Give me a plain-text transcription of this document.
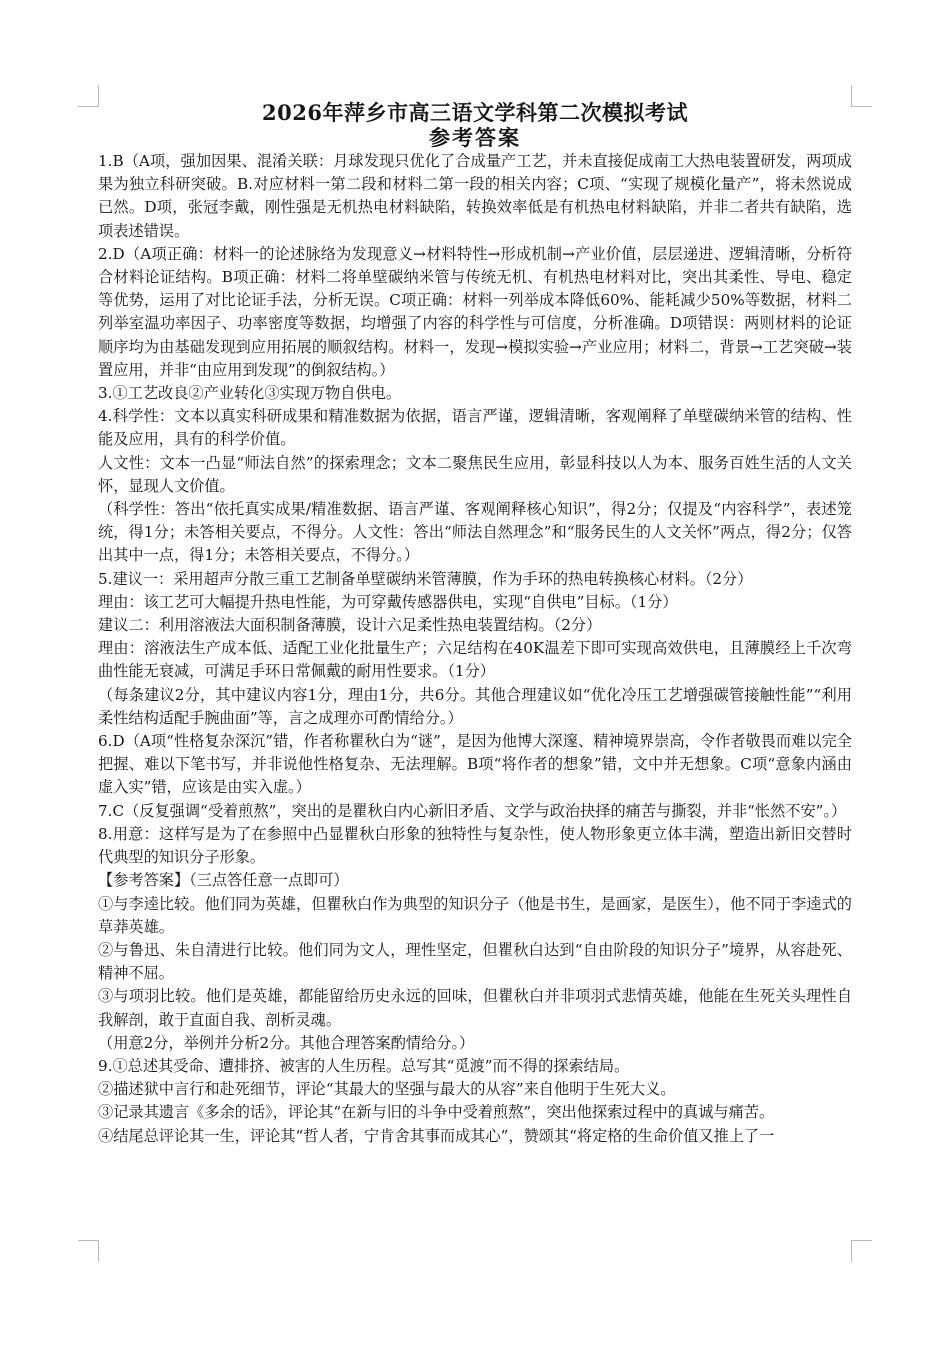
2026年萍乡市高三语文学科第二次模拟考试
参考答案

1.B（A项，强加因果、混淆关联：月球发现只优化了合成量产工艺，并未直接促成南工大热电装置研发，两项成果为独立科研突破。B.对应材料一第二段和材料二第一段的相关内容；C项、“实现了规模化量产”，将未然说成已然。D项，张冠李戴，刚性强是无机热电材料缺陷，转换效率低是有机热电材料缺陷，并非二者共有缺陷，选项表述错误。

2.D（A项正确：材料一的论述脉络为发现意义→材料特性→形成机制→产业价值，层层递进、逻辑清晰，分析符合材料论证结构。B项正确：材料二将单壁碳纳米管与传统无机、有机热电材料对比，突出其柔性、导电、稳定等优势，运用了对比论证手法，分析无误。C项正确：材料一列举成本降低60%、能耗减少50%等数据，材料二列举室温功率因子、功率密度等数据，均增强了内容的科学性与可信度，分析准确。D项错误：两则材料的论证顺序均为由基础发现到应用拓展的顺叙结构。材料一，发现→模拟实验→产业应用；材料二，背景→工艺突破→装置应用，并非“由应用到发现”的倒叙结构。）

3.①工艺改良②产业转化③实现万物自供电。

4.科学性：文本以真实科研成果和精准数据为依据，语言严谨，逻辑清晰，客观阐释了单壁碳纳米管的结构、性能及应用，具有的科学价值。

人文性：文本一凸显“师法自然”的探索理念；文本二聚焦民生应用，彰显科技以人为本、服务百姓生活的人文关怀，显现人文价值。

（科学性：答出“依托真实成果/精准数据、语言严谨、客观阐释核心知识”，得2分；仅提及“内容科学”，表述笼统，得1分；未答相关要点，不得分。人文性：答出“师法自然理念”和“服务民生的人文关怀”两点，得2分；仅答出其中一点，得1分；未答相关要点，不得分。）

5.建议一：采用超声分散三重工艺制备单壁碳纳米管薄膜，作为手环的热电转换核心材料。（2分）

理由：该工艺可大幅提升热电性能，为可穿戴传感器供电，实现“自供电”目标。（1分）

建议二：利用溶液法大面积制备薄膜，设计六足柔性热电装置结构。（2分）

理由：溶液法生产成本低、适配工业化批量生产；六足结构在40K温差下即可实现高效供电，且薄膜经上千次弯曲性能无衰减，可满足手环日常佩戴的耐用性要求。（1分）

（每条建议2分，其中建议内容1分，理由1分，共6分。其他合理建议如“优化冷压工艺增强碳管接触性能”“利用柔性结构适配手腕曲面”等，言之成理亦可酌情给分。）

6.D（A项“性格复杂深沉”错，作者称瞿秋白为“谜”，是因为他博大深邃、精神境界崇高，令作者敬畏而难以完全把握、难以下笔书写，并非说他性格复杂、无法理解。B项“将作者的想象”错，文中并无想象。C项“意象内涵由虚入实”错，应该是由实入虚。）

7.C（反复强调“受着煎熬”，突出的是瞿秋白内心新旧矛盾、文学与政治抉择的痛苦与撕裂，并非“怅然不安”。）

8.用意：这样写是为了在参照中凸显瞿秋白形象的独特性与复杂性，使人物形象更立体丰满，塑造出新旧交替时代典型的知识分子形象。

【参考答案】（三点答任意一点即可）

①与李逵比较。他们同为英雄，但瞿秋白作为典型的知识分子（他是书生，是画家，是医生），他不同于李逵式的草莽英雄。

②与鲁迅、朱自清进行比较。他们同为文人，理性坚定，但瞿秋白达到“自由阶段的知识分子”境界，从容赴死、精神不屈。

③与项羽比较。他们是英雄，都能留给历史永远的回味，但瞿秋白并非项羽式悲情英雄，他能在生死关头理性自我解剖，敢于直面自我、剖析灵魂。

（用意2分，举例并分析2分。其他合理答案酌情给分。）

9.①总述其受命、遭排挤、被害的人生历程。总写其“觅渡”而不得的探索结局。

②描述狱中言行和赴死细节，评论“其最大的坚强与最大的从容”来自他明于生死大义。

③记录其遗言《多余的话》，评论其“在新与旧的斗争中受着煎熬”，突出他探索过程中的真诚与痛苦。

④结尾总评论其一生，评论其“哲人者，宁肯舍其事而成其心”，赞颂其“将定格的生命价值又推上了一
